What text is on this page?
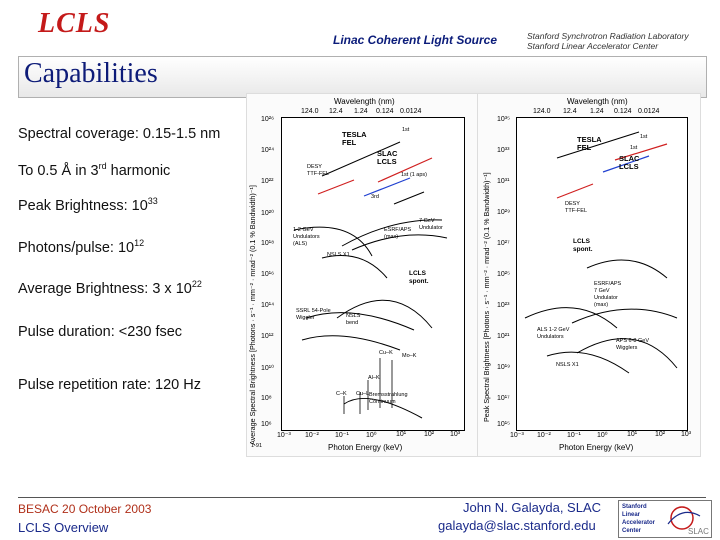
LCLS
Linac Coherent Light Source	Stanford Synchrotron Radiation Laboratory
Stanford Linear Accelerator Center
Capabilities
Spectral coverage: 0.15-1.5 nm
To 0.5 Å in 3rd harmonic
Peak Brightness: $10^{33}$
Photons/pulse: $10^{12}$
Average Brightness: 3 x $10^{22}$
Pulse duration: <230 fsec
Pulse repetition rate: 120 Hz
Wavelength (nm)
124.0 12.4 1.24 0.124 0.0124
10²⁶
10²⁴
10²²
10²⁰
10¹⁸
10¹⁶
10¹⁴
10¹²
10¹⁰
10⁸
10⁶
10⁻³ 10⁻² 10⁻¹ 10⁰	10¹	10² 10³
Photon Energy (keV)
Average Spectral Brightness [Photons · s⁻¹ · mm⁻² · mrad⁻² (0.1 % Bandwidth)⁻¹]
1-91
TESLA
FEL
SLAC
LCLS
DESY
TTF-FEL
1st
1st (1 aps)
3rd
7 GeV
Undulator
ESRF/APS
(max)
1-2 GeV
Undulators
(ALS)
NSLS X1
LCLS
spont.
SSRL 54-Pole
Wiggler	NSLS
bend
Cu–K Mo–K
Al–K
C–K Cu–L Bremsstrahlung
Continuum
Wavelength (nm)
124.0 12.4 1.24 0.124 0.0124
10³⁵
10³³
10³¹
10²⁹
10²⁷
10²⁵
10²³
10²¹
10¹⁹
10¹⁷
10¹⁵
10⁻³ 10⁻² 10⁻¹ 10⁰	10¹	10² 10³
Photon Energy (keV)
Peak Spectral Brightness [Photons · s⁻¹ · mm⁻² · mrad⁻² (0.1 % Bandwidth)⁻¹]
TESLA
FEL
SLAC
LCLS
1st
1st
DESY
TTF-FEL
LCLS
spont.
ESRF/APS
7 GeV
Undulator
(max)
ALS 1-2 GeV
Undulators
APS 6-8 GeV
Wigglers
NSLS X1
BESAC 20 October 2003
LCLS Overview
John N. Galayda, SLAC
galayda@slac.stanford.edu
Stanford
Linear
Accelerator
Center	SLAC
